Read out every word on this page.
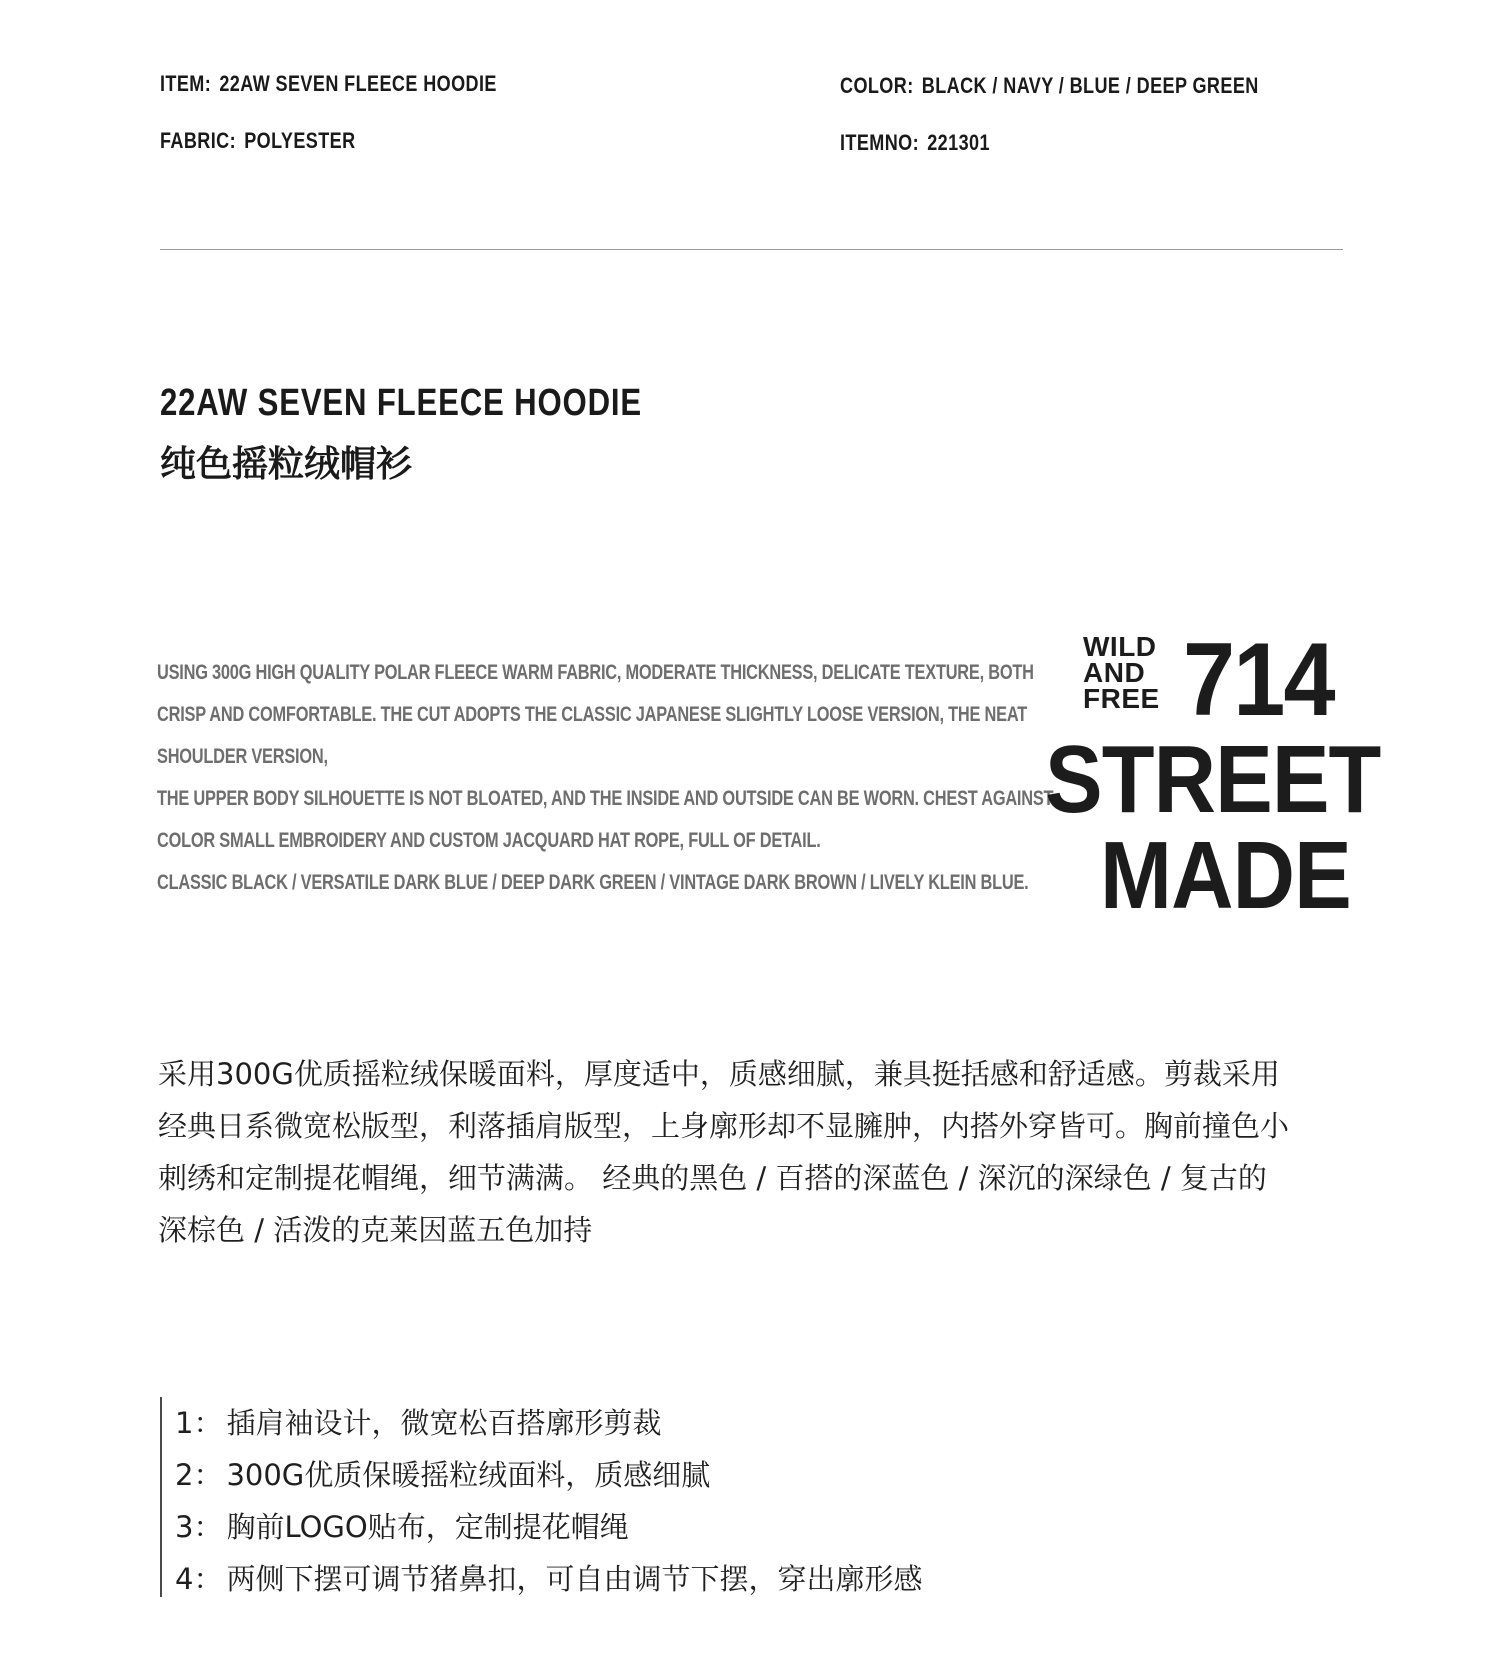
ITEM: 22AW SEVEN FLEECE HOODIE
FABRIC: POLYESTER
COLOR: BLACK / NAVY / BLUE / DEEP GREEN
ITEMNO: 221301
22AW SEVEN FLEECE HOODIE
纯色摇粒绒帽衫
USING 300G HIGH QUALITY POLAR FLEECE WARM FABRIC, MODERATE THICKNESS, DELICATE TEXTURE, BOTH
CRISP AND COMFORTABLE. THE CUT ADOPTS THE CLASSIC JAPANESE SLIGHTLY LOOSE VERSION, THE NEAT
SHOULDER VERSION,
THE UPPER BODY SILHOUETTE IS NOT BLOATED, AND THE INSIDE AND OUTSIDE CAN BE WORN. CHEST AGAINST
COLOR SMALL EMBROIDERY AND CUSTOM JACQUARD HAT ROPE, FULL OF DETAIL.
CLASSIC BLACK / VERSATILE DARK BLUE / DEEP DARK GREEN / VINTAGE DARK BROWN / LIVELY KLEIN BLUE.
WILD
AND
FREE 714
STREET
MADE
采用300G优质摇粒绒保暖面料，厚度适中，质感细腻，兼具挺括感和舒适感。剪裁采用
经典日系微宽松版型，利落插肩版型，上身廓形却不显臃肿，内搭外穿皆可。胸前撞色小
刺绣和定制提花帽绳，细节满满。 经典的黑色 / 百搭的深蓝色 / 深沉的深绿色 / 复古的
深棕色 / 活泼的克莱因蓝五色加持
1： 插肩袖设计，微宽松百搭廓形剪裁
2： 300G优质保暖摇粒绒面料，质感细腻
3： 胸前LOGO贴布，定制提花帽绳
4： 两侧下摆可调节猪鼻扣，可自由调节下摆，穿出廓形感
